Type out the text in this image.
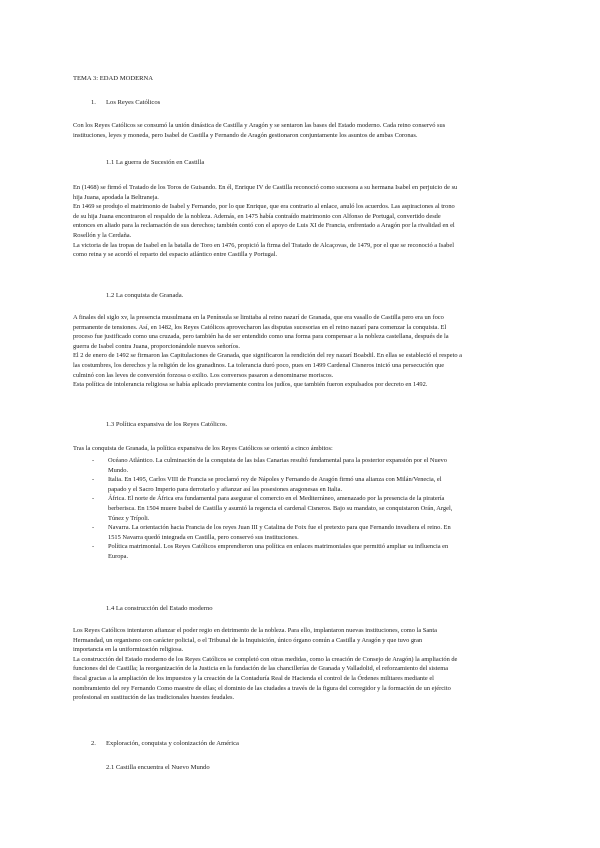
TEMA 3: EDAD MODERNA

1. Los Reyes Católicos

Con los Reyes Católicos se consumó la unión dinástica de Castilla y Aragón y se sentaron las bases del Estado moderno. Cada reino conservó sus
instituciones, leyes y moneda, pero Isabel de Castilla y Fernando de Aragón gestionaron conjuntamente los asuntos de ambas Coronas.

1.1 La guerra de Sucesión en Castilla

En (1468) se firmó el Tratado de los Toros de Guisando. En él, Enrique IV de Castilla reconoció como sucesora a su hermana Isabel en perjuicio de su
hija Juana, apodada la Beltraneja.
En 1469 se produjo el matrimonio de Isabel y Fernando, por lo que Enrique, que era contrario al enlace, anuló los acuerdos. Las aspiraciones al trono
de su hija Juana encontraron el respaldo de la nobleza. Además, en 1475 había contraído matrimonio con Alfonso de Portugal, convertido desde
entonces en aliado para la reclamación de sus derechos; también contó con el apoyo de Luis XI de Francia, enfrentado a Aragón por la rivalidad en el
Rosellón y la Cerdaña.
La victoria de las tropas de Isabel en la batalla de Toro en 1476, propició la firma del Tratado de Alcaçovas, de 1479, por el que se reconoció a Isabel
como reina y se acordó el reparto del espacio atlántico entre Castilla y Portugal.

1.2 La conquista de Granada.

A finales del siglo xv, la presencia musulmana en la Península se limitaba al reino nazarí de Granada, que era vasallo de Castilla pero era un foco
permanente de tensiones. Así, en 1482, los Reyes Católicos aprovecharon las disputas sucesorias en el reino nazarí para comenzar la conquista. El
proceso fue justificado como una cruzada, pero también ha de ser entendido como una forma para compensar a la nobleza castellana, después de la
guerra de Isabel contra Juana, proporcionándole nuevos señoríos.
El 2 de enero de 1492 se firmaron las Capitulaciones de Granada, que significaron la rendición del rey nazarí Boabdil. En ellas se estableció el respeto a
las costumbres, los derechos y la religión de los granadinos. La tolerancia duró poco, pues en 1499 Cardenal Cisneros inició una persecución que
culminó con las leves de conversión forzosa o exilio. Los conversos pasaron a denominarse moriscos.
Esta política de intolerancia religiosa se había aplicado previamente contra los judíos, que también fueron expulsados por decreto en 1492.

1.3 Política expansiva de los Reyes Católicos.

Tras la conquista de Granada, la política expansiva de los Reyes Católicos se orientó a cinco ámbitos:

- Océano Atlántico. La culminación de la conquista de las islas Canarias resultó fundamental para la posterior expansión por el Nuevo
Mundo.
- Italia. En 1495, Carlos VIII de Francia se proclamó rey de Nápoles y Fernando de Aragón firmó una alianza con Milán/Venecia, el
papado y el Sacro Imperio para derrotarlo y afianzar así las posesiones aragonesas en Italia.
- África. El norte de África era fundamental para asegurar el comercio en el Mediterráneo, amenazado por la presencia de la piratería
berberisca. En 1504 muere Isabel de Castilla y asumió la regencia el cardenal Cisneros. Bajo su mandato, se conquistaron Orán, Argel,
Túnez y Trípoli.
- Navarra. La orientación hacia Francia de los reyes Juan III y Catalina de Foix fue el pretexto para que Fernando invadiera el reino. En
1515 Navarra quedó integrada en Castilla, pero conservó sus instituciones.
- Política matrimonial. Los Reyes Católicos emprendieron una política en enlaces matrimoniales que permitió ampliar su influencia en
Europa.

1.4 La construcción del Estado moderno

Los Reyes Católicos intentaron afianzar el poder regio en detrimento de la nobleza. Para ello, implantaron nuevas instituciones, como la Santa
Hermandad, un organismo con carácter policial, o el Tribunal de la Inquisición, único órgano común a Castilla y Aragón y que tuvo gran
importancia en la uniformización religiosa.
La construcción del Estado moderno de los Reyes Católicos se completó con otras medidas, como la creación de Consejo de Aragón) la ampliación de
funciones del de Castilla; la reorganización de la Justicia en la fundación de las chancillerías de Granada y Valladolid, el reforzamiento del sistema
fiscal gracias a la ampliación de los impuestos y la creación de la Contaduría Real de Hacienda el control de la Órdenes militares mediante el
nombramiento del rey Fernando Como maestre de ellas; el dominio de las ciudades a través de la figura del corregidor y la formación de un ejército
profesional en sustitución de las tradicionales huestes feudales.

2. Exploración, conquista y colonización de América

2.1 Castilla encuentra el Nuevo Mundo
